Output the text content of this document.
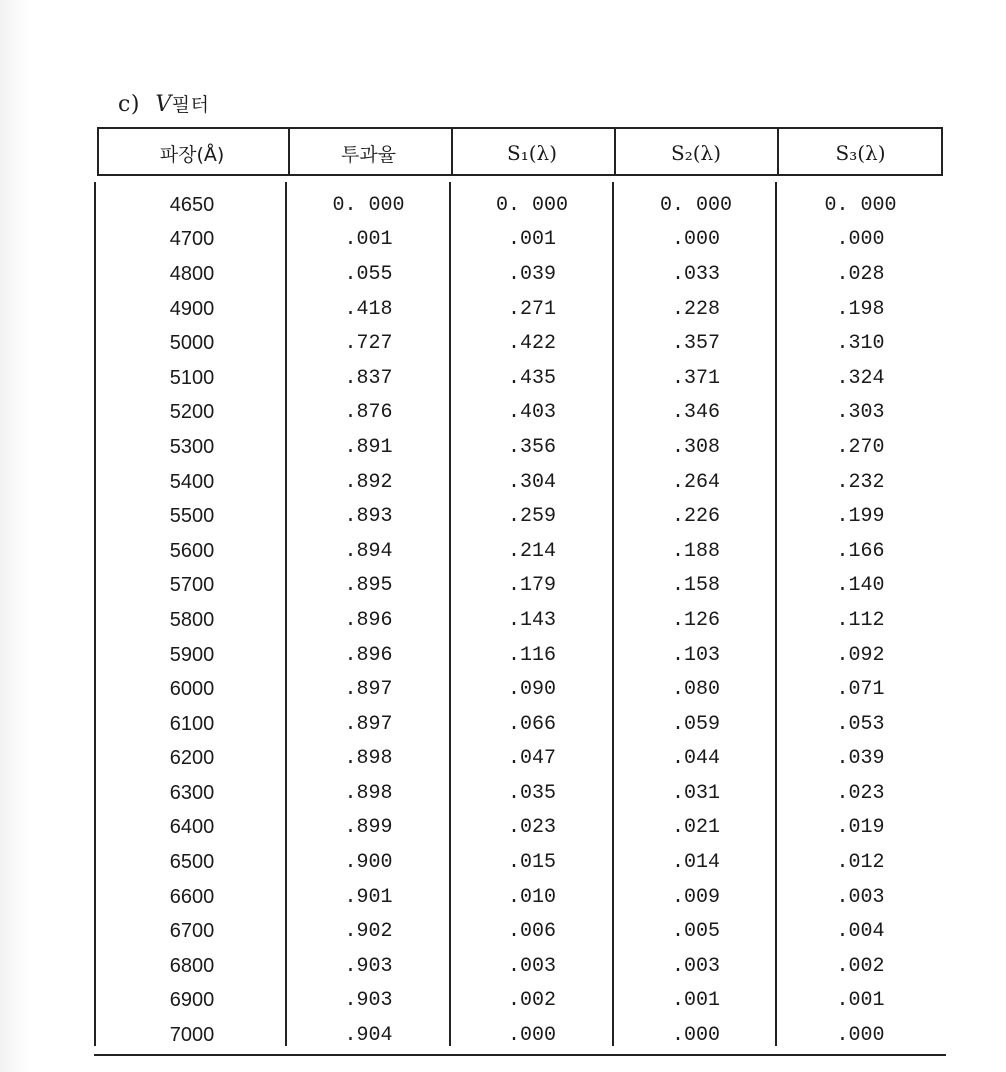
c) V필터
파장(Å)	투과율	S₁(λ)	S₂(λ)	S₃(λ)

4650	0. 000	0. 000	0. 000	0. 000
4700	.001	.001	.000	.000
4800	.055	.039	.033	.028
4900	.418	.271	.228	.198
5000	.727	.422	.357	.310
5100	.837	.435	.371	.324
5200	.876	.403	.346	.303
5300	.891	.356	.308	.270
5400	.892	.304	.264	.232
5500	.893	.259	.226	.199
5600	.894	.214	.188	.166
5700	.895	.179	.158	.140
5800	.896	.143	.126	.112
5900	.896	.116	.103	.092
6000	.897	.090	.080	.071
6100	.897	.066	.059	.053
6200	.898	.047	.044	.039
6300	.898	.035	.031	.023
6400	.899	.023	.021	.019
6500	.900	.015	.014	.012
6600	.901	.010	.009	.003
6700	.902	.006	.005	.004
6800	.903	.003	.003	.002
6900	.903	.002	.001	.001
7000	.904	.000	.000	.000
